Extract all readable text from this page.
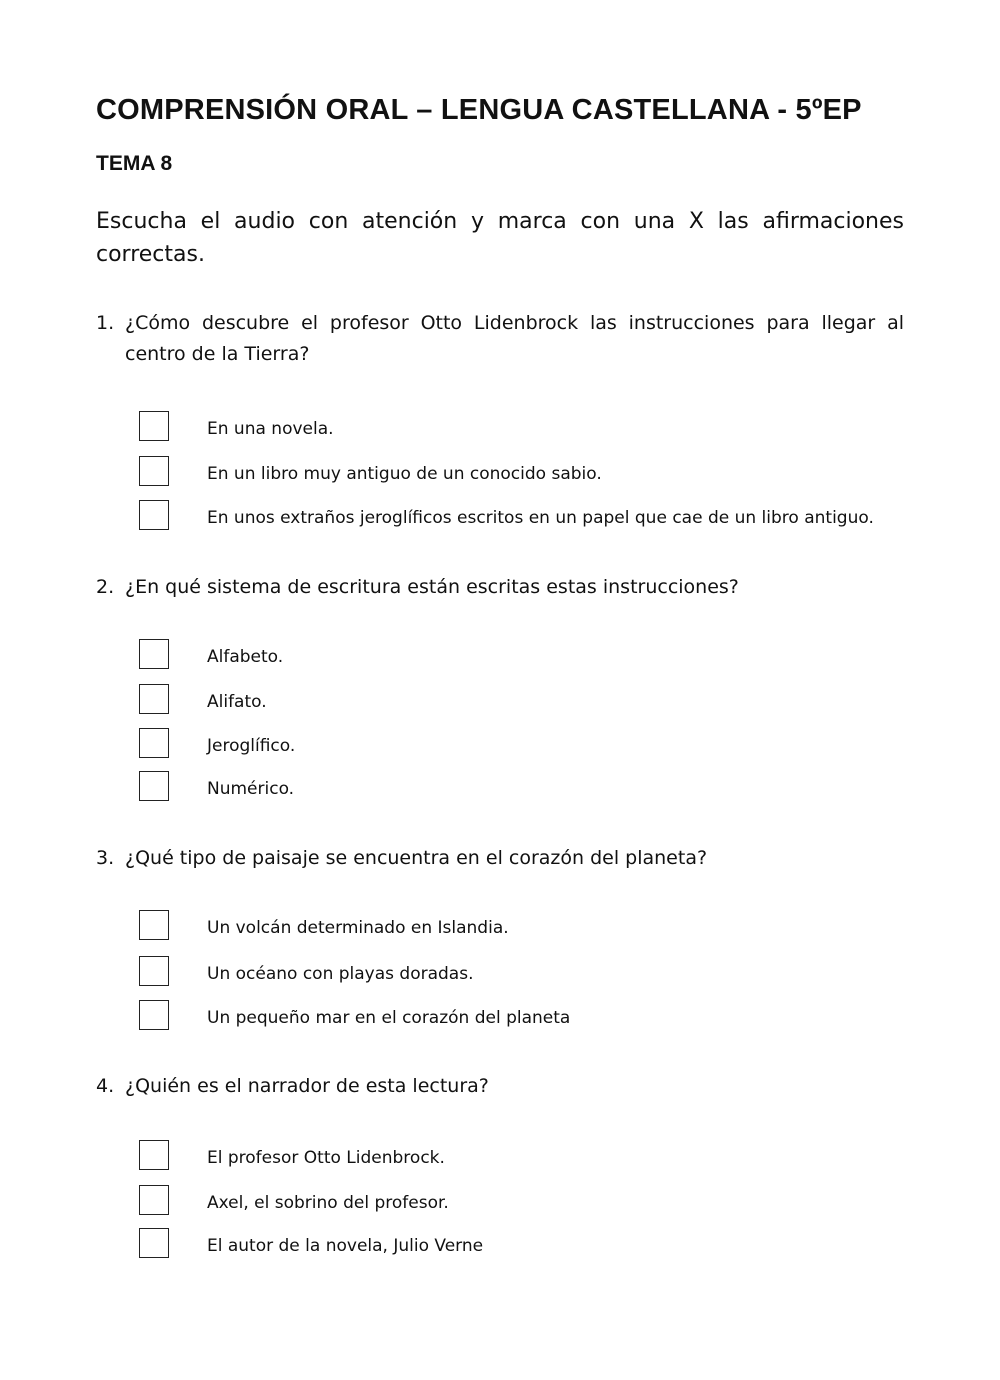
COMPRENSIÓN ORAL – LENGUA CASTELLANA - 5ºEP
TEMA 8

Escucha el audio con atención y marca con una X las afirmaciones correctas.

1. ¿Cómo descubre el profesor Otto Lidenbrock las instrucciones para llegar al centro de la Tierra?
En una novela.
En un libro muy antiguo de un conocido sabio.
En unos extraños jeroglíficos escritos en un papel que cae de un libro antiguo.
2. ¿En qué sistema de escritura están escritas estas instrucciones?
Alfabeto.
Alifato.
Jeroglífico.
Numérico.
3. ¿Qué tipo de paisaje se encuentra en el corazón del planeta?
Un volcán determinado en Islandia.
Un océano con playas doradas.
Un pequeño mar en el corazón del planeta
4. ¿Quién es el narrador de esta lectura?
El profesor Otto Lidenbrock.
Axel, el sobrino del profesor.
El autor de la novela, Julio Verne
